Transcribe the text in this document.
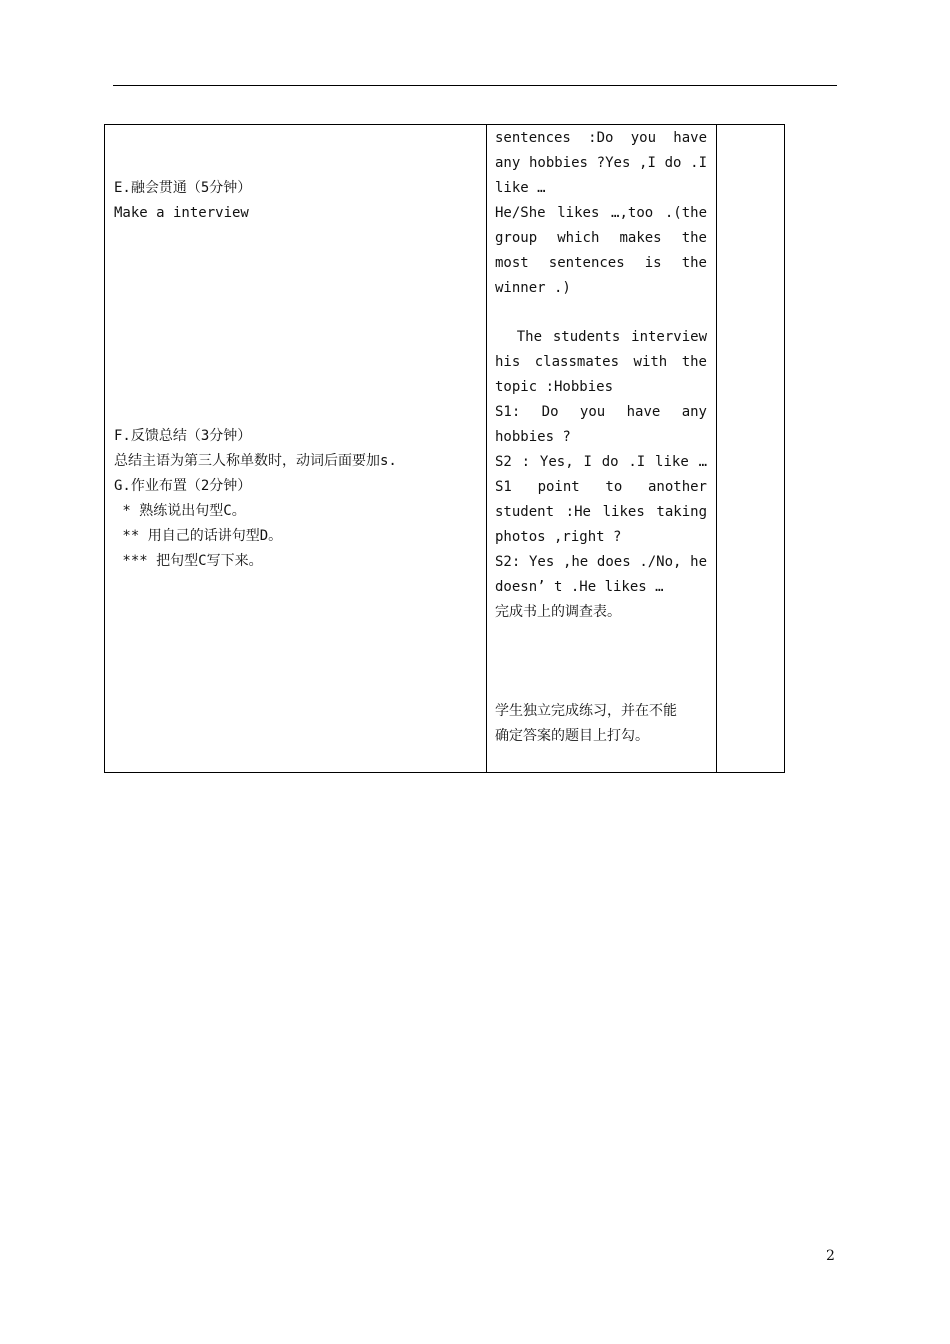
E.融会贯通（5分钟）
Make a interview
F.反馈总结（3分钟）
总结主语为第三人称单数时，动词后面要加s.
G.作业布置（2分钟）
* 熟练说出句型C。
** 用自己的话讲句型D。
*** 把句型C写下来。
sentences :Do you have
any hobbies ?Yes ,I do .I
like …
He/She likes …,too .(the
group which makes the
most sentences is the
winner .)
The students interview
his classmates with the
topic :Hobbies
S1: Do you have any
hobbies ?
S2 : Yes, I do .I like …
S1 point to another
student :He likes taking
photos ,right ?
S2: Yes ,he does ./No, he
doesn’ t .He likes …
完成书上的调查表。
学生独立完成练习，并在不能
确定答案的题目上打勾。
2
